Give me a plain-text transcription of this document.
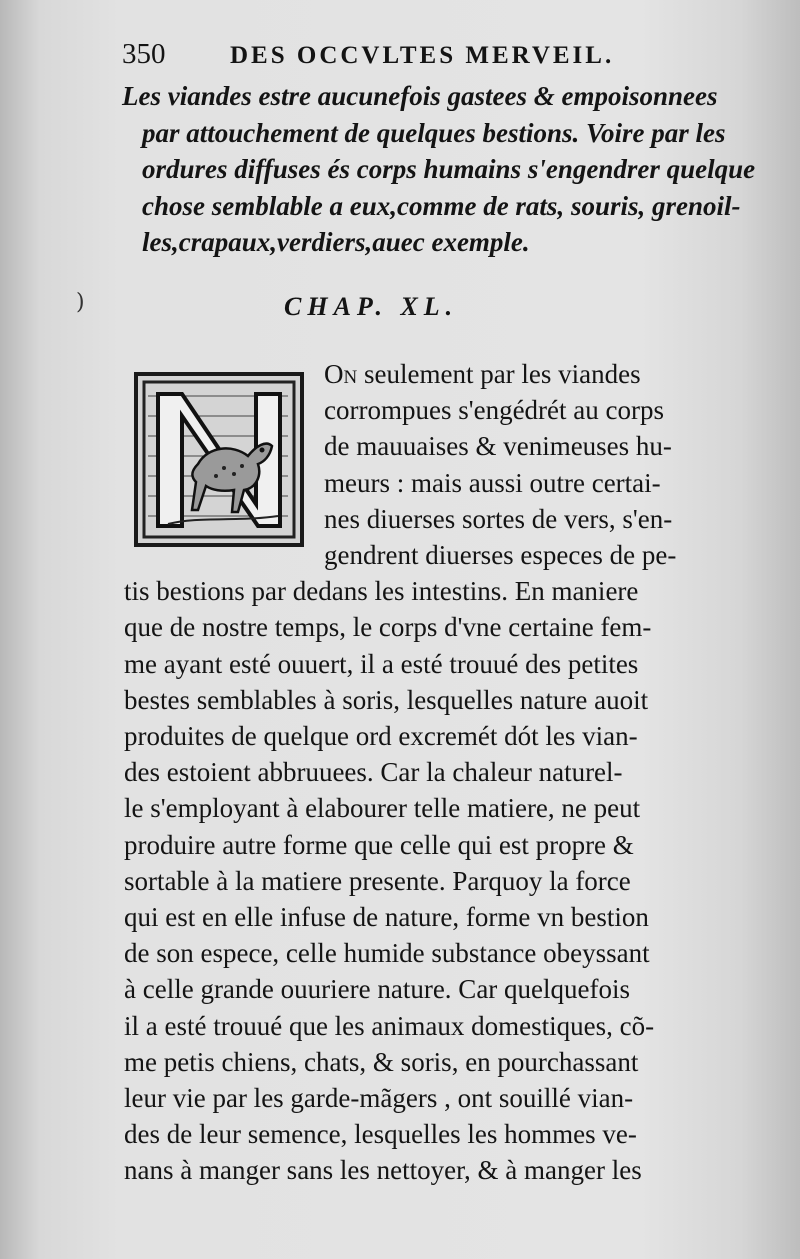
)
350	DES OCCVLTES MERVEIL.
Les viandes estre aucunefois gastees & empoisonnees
par attouchement de quelques bestions. Voire par les
ordures diffuses és corps humains s'engendrer quelque
chose semblable a eux,comme de rats, souris, grenoil-
les,crapaux,verdiers,auec exemple.
CHAP. XL.
On seulement par les viandes
corrompues s'engédrét au corps
de mauuaises & venimeuses hu-
meurs : mais aussi outre certai-
nes diuerses sortes de vers, s'en-
gendrent diuerses especes de pe-
tis bestions par dedans les intestins. En maniere
que de nostre temps, le corps d'vne certaine fem-
me ayant esté ouuert, il a esté trouué des petites
bestes semblables à soris, lesquelles nature auoit
produites de quelque ord excremét dót les vian-
des estoient abbruuees. Car la chaleur naturel-
le s'employant à elabourer telle matiere, ne peut
produire autre forme que celle qui est propre &
sortable à la matiere presente. Parquoy la force
qui est en elle infuse de nature, forme vn bestion
de son espece, celle humide substance obeyssant
à celle grande ouuriere nature. Car quelquefois
il a esté trouué que les animaux domestiques, cõ-
me petis chiens, chats, & soris, en pourchassant
leur vie par les garde-mãgers , ont souillé vian-
des de leur semence, lesquelles les hommes ve-
nans à manger sans les nettoyer, & à manger les
